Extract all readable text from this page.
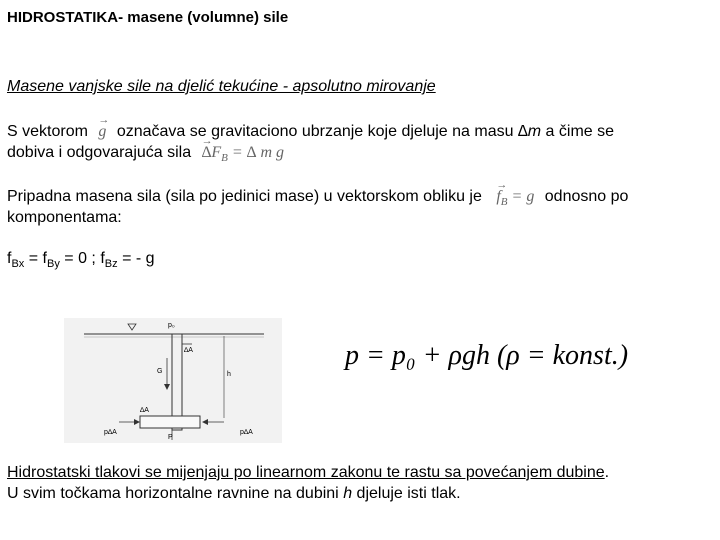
HIDROSTATIKA- masene (volumne) sile
Masene vanjske sile na djelić tekućine - apsolutno mirovanje
S vektorom → g označava se gravitaciono ubrzanje koje djeluje na masu ∆m a čime se
dobiva i odgovarajuća sila → $\Delta F_B$ = ∆ m g
Pripadna masena sila (sila po jedinici mase) u vektorskom obliku je → $f_B = g$ odnosno po
komponentama:
$f_{Bx} = f_{By} = 0$ ; $f_{Bz}$ = - g
p₀
∆A
G	h
∆A
p∆A	p∆A
P
p = p₀ + ρgh (ρ = konst.)
Hidrostatski tlakovi se mijenjaju po linearnom zakonu te rastu sa povećanjem dubine.
U svim točkama horizontalne ravnine na dubini h djeluje isti tlak.
